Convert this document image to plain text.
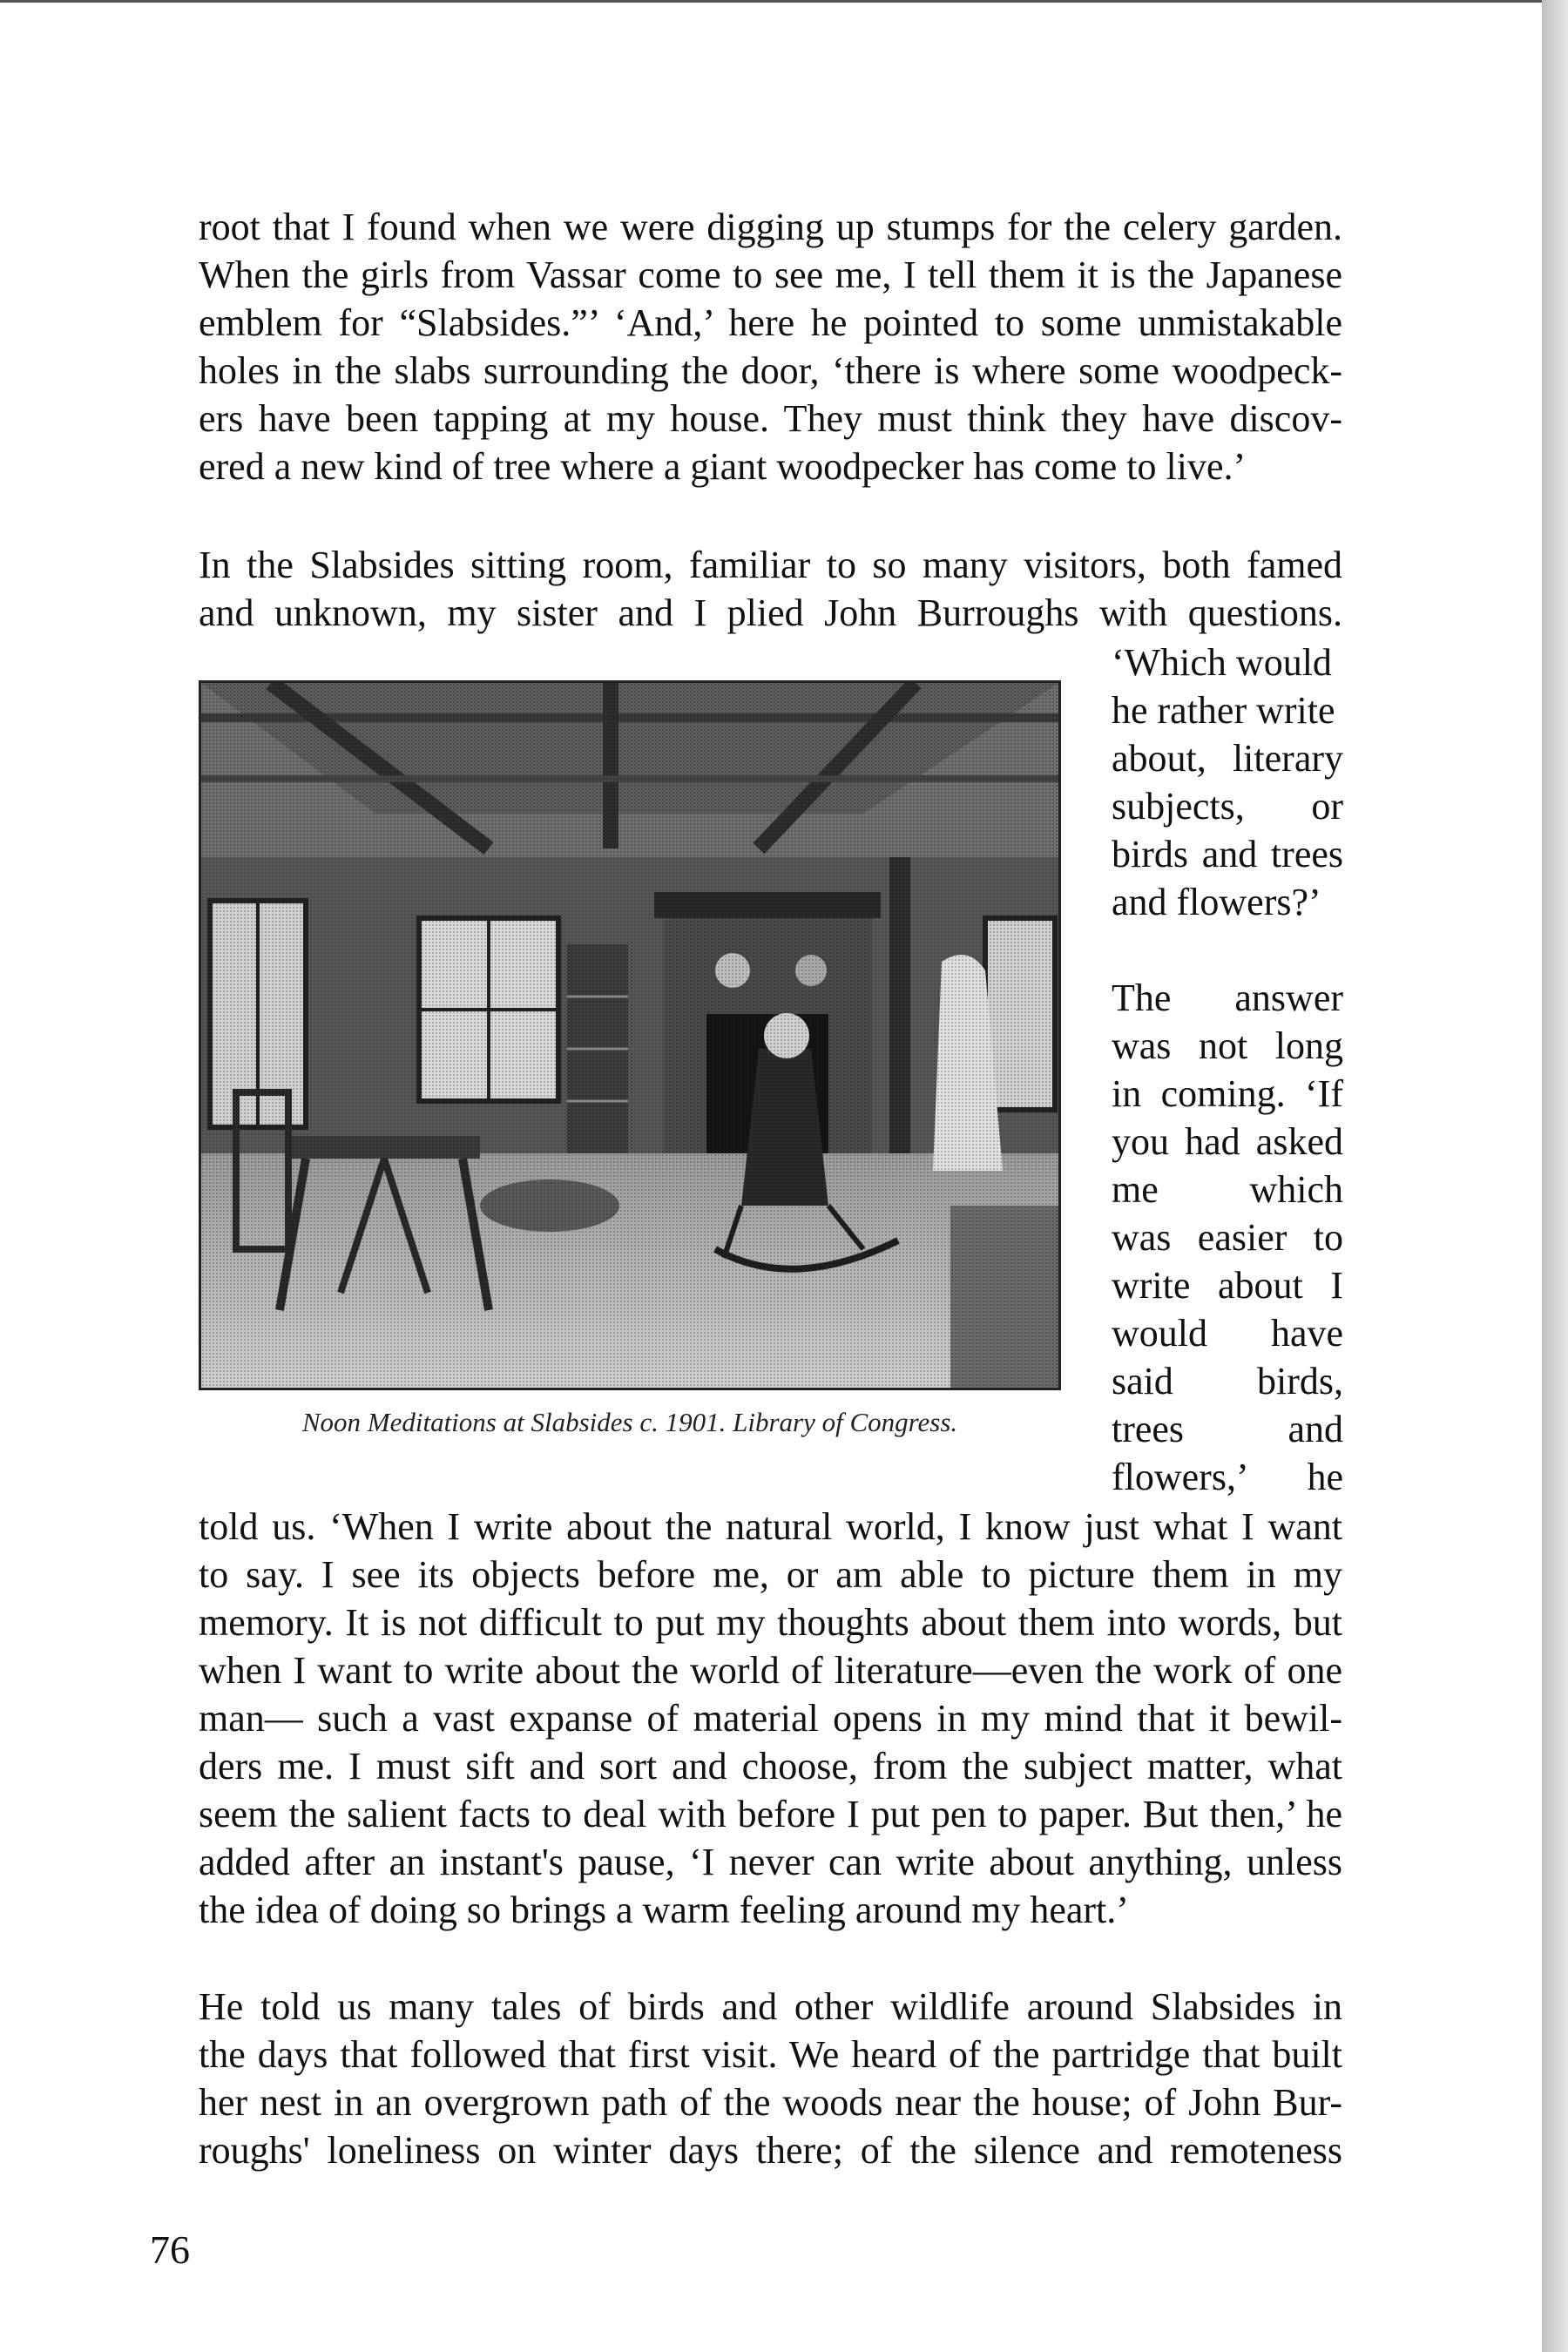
root that I found when we were digging up stumps for the celery garden.
When the girls from Vassar come to see me, I tell them it is the Japanese
emblem for “Slabsides.”’ ‘And,’ here he pointed to some unmistakable
holes in the slabs surrounding the door, ‘there is where some woodpeck-
ers have been tapping at my house. They must think they have discov-
ered a new kind of tree where a giant woodpecker has come to live.’
In the Slabsides sitting room, familiar to so many visitors, both famed
and unknown, my sister and I plied John Burroughs with questions.
‘Which would
he rather write
about, literary
subjects, or
birds and trees
and flowers?’
The answer
was not long
in coming. ‘If
you had asked
me which
was easier to
write about I
would have
said birds,
trees and
flowers,’ he
Noon Meditations at Slabsides c. 1901. Library of Congress.
told us. ‘When I write about the natural world, I know just what I want
to say. I see its objects before me, or am able to picture them in my
memory. It is not difficult to put my thoughts about them into words, but
when I want to write about the world of literature—even the work of one
man— such a vast expanse of material opens in my mind that it bewil-
ders me. I must sift and sort and choose, from the subject matter, what
seem the salient facts to deal with before I put pen to paper. But then,’ he
added after an instant's pause, ‘I never can write about anything, unless
the idea of doing so brings a warm feeling around my heart.’
He told us many tales of birds and other wildlife around Slabsides in
the days that followed that first visit. We heard of the partridge that built
her nest in an overgrown path of the woods near the house; of John Bur-
roughs' loneliness on winter days there; of the silence and remoteness
76
